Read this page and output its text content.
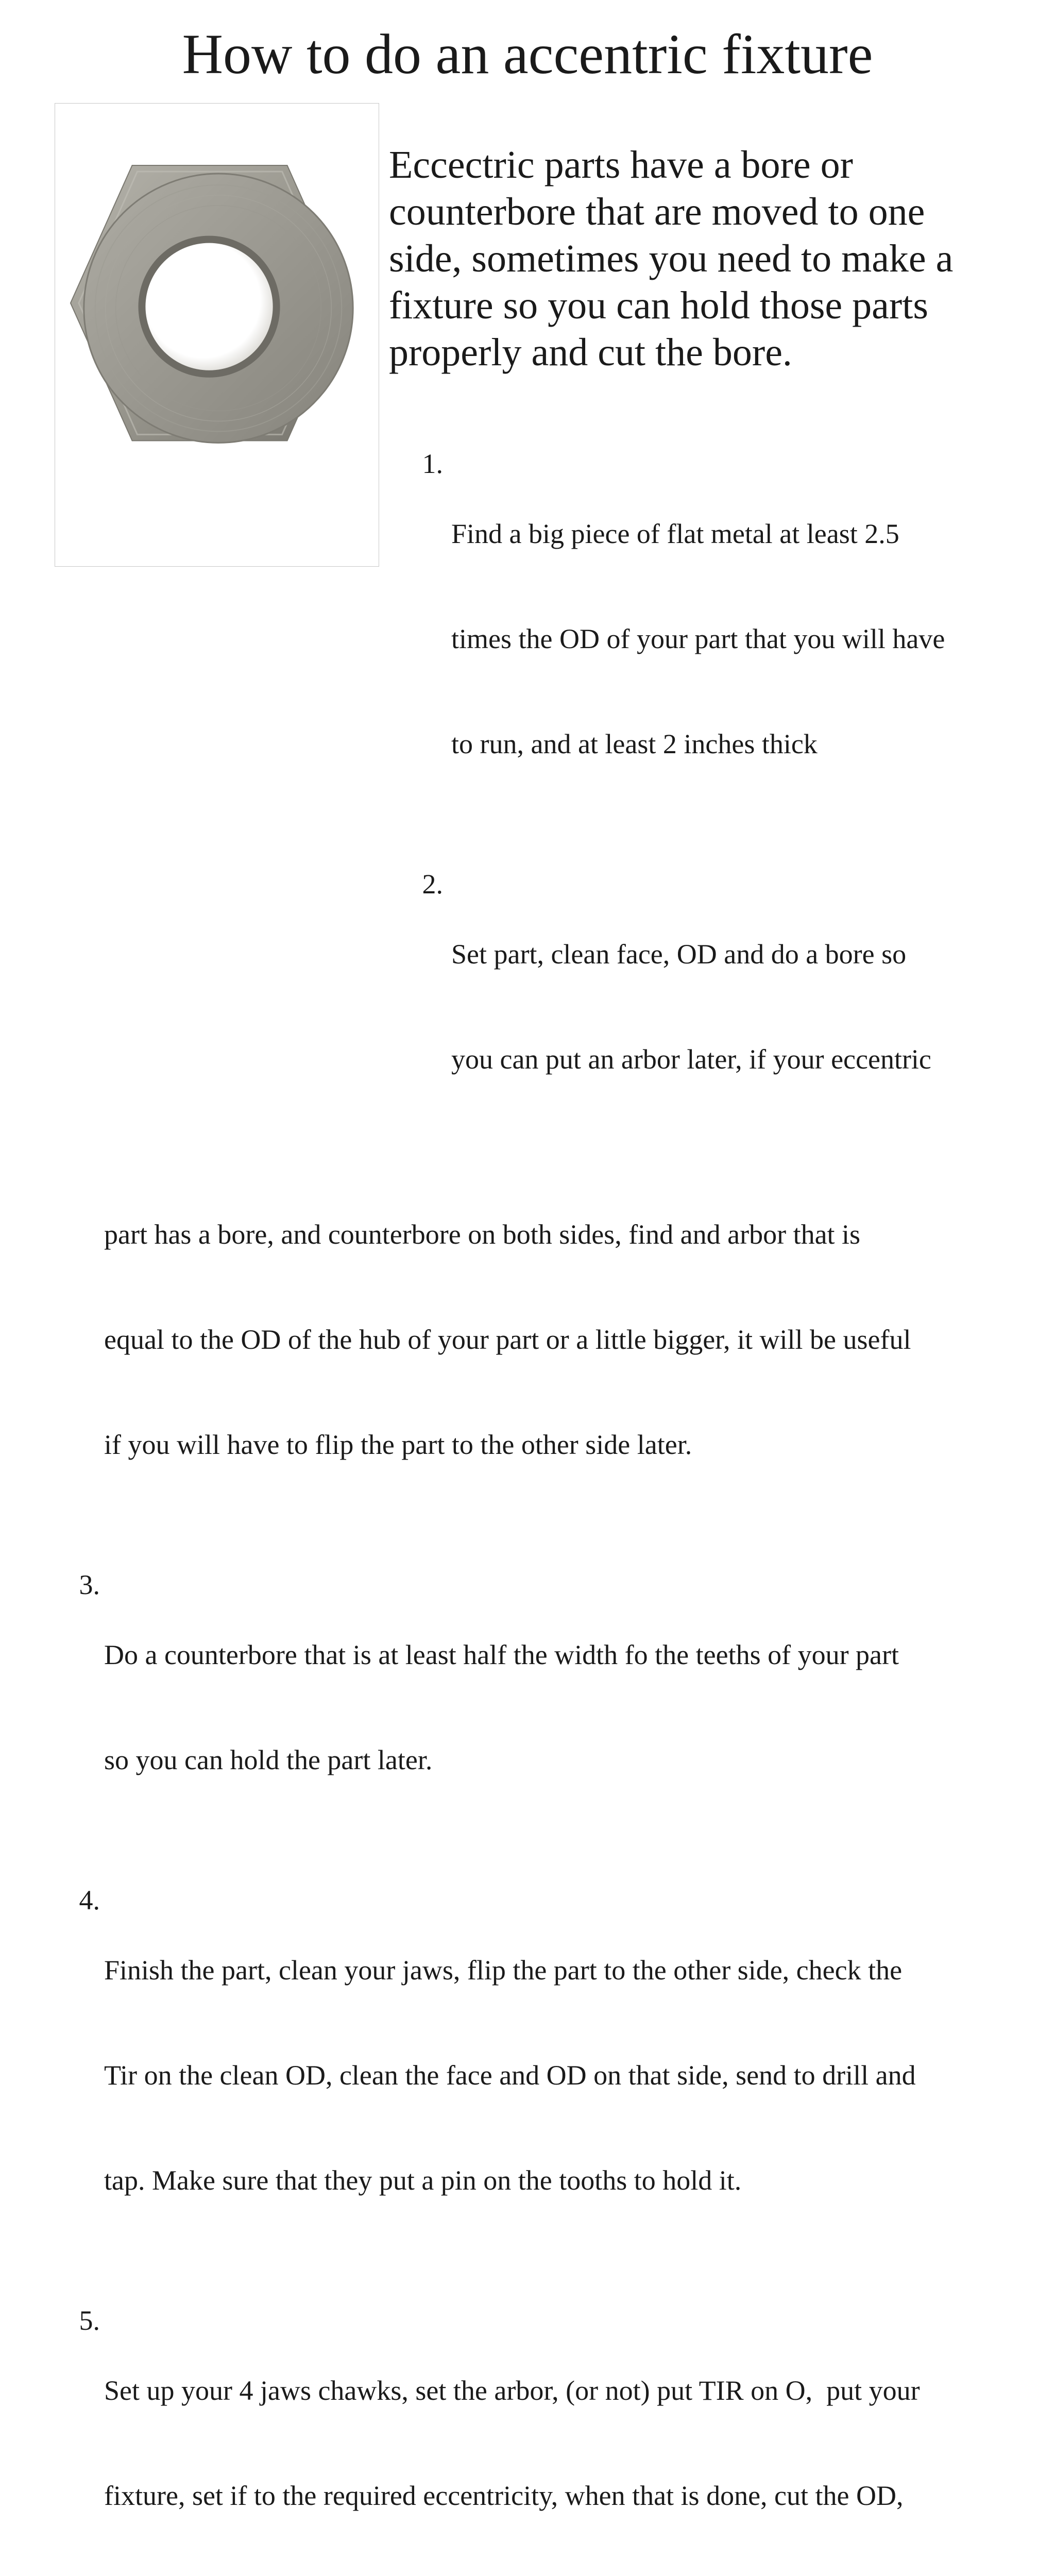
How to do an accentric fixture
Eccectric parts have a bore or
counterbore that are moved to one
side, sometimes you need to make a
fixture so you can hold those parts
properly and cut the bore.

1.

Find a big piece of flat metal at least 2.5

times the OD of your part that you will have

to run, and at least 2 inches thick

2.

Set part, clean face, OD and do a bore so

you can put an arbor later, if your eccentric

part has a bore, and counterbore on both sides, find and arbor that is

equal to the OD of the hub of your part or a little bigger, it will be useful

if you will have to flip the part to the other side later.

3.

Do a counterbore that is at least half the width fo the teeths of your part

so you can hold the part later.

4.

Finish the part, clean your jaws, flip the part to the other side, check the

Tir on the clean OD, clean the face and OD on that side, send to drill and

tap. Make sure that they put a pin on the tooths to hold it.

5.

Set up your 4 jaws chawks, set the arbor, (or not) put TIR on O,  put your

fixture, set if to the required eccentricity, when that is done, cut the OD,
